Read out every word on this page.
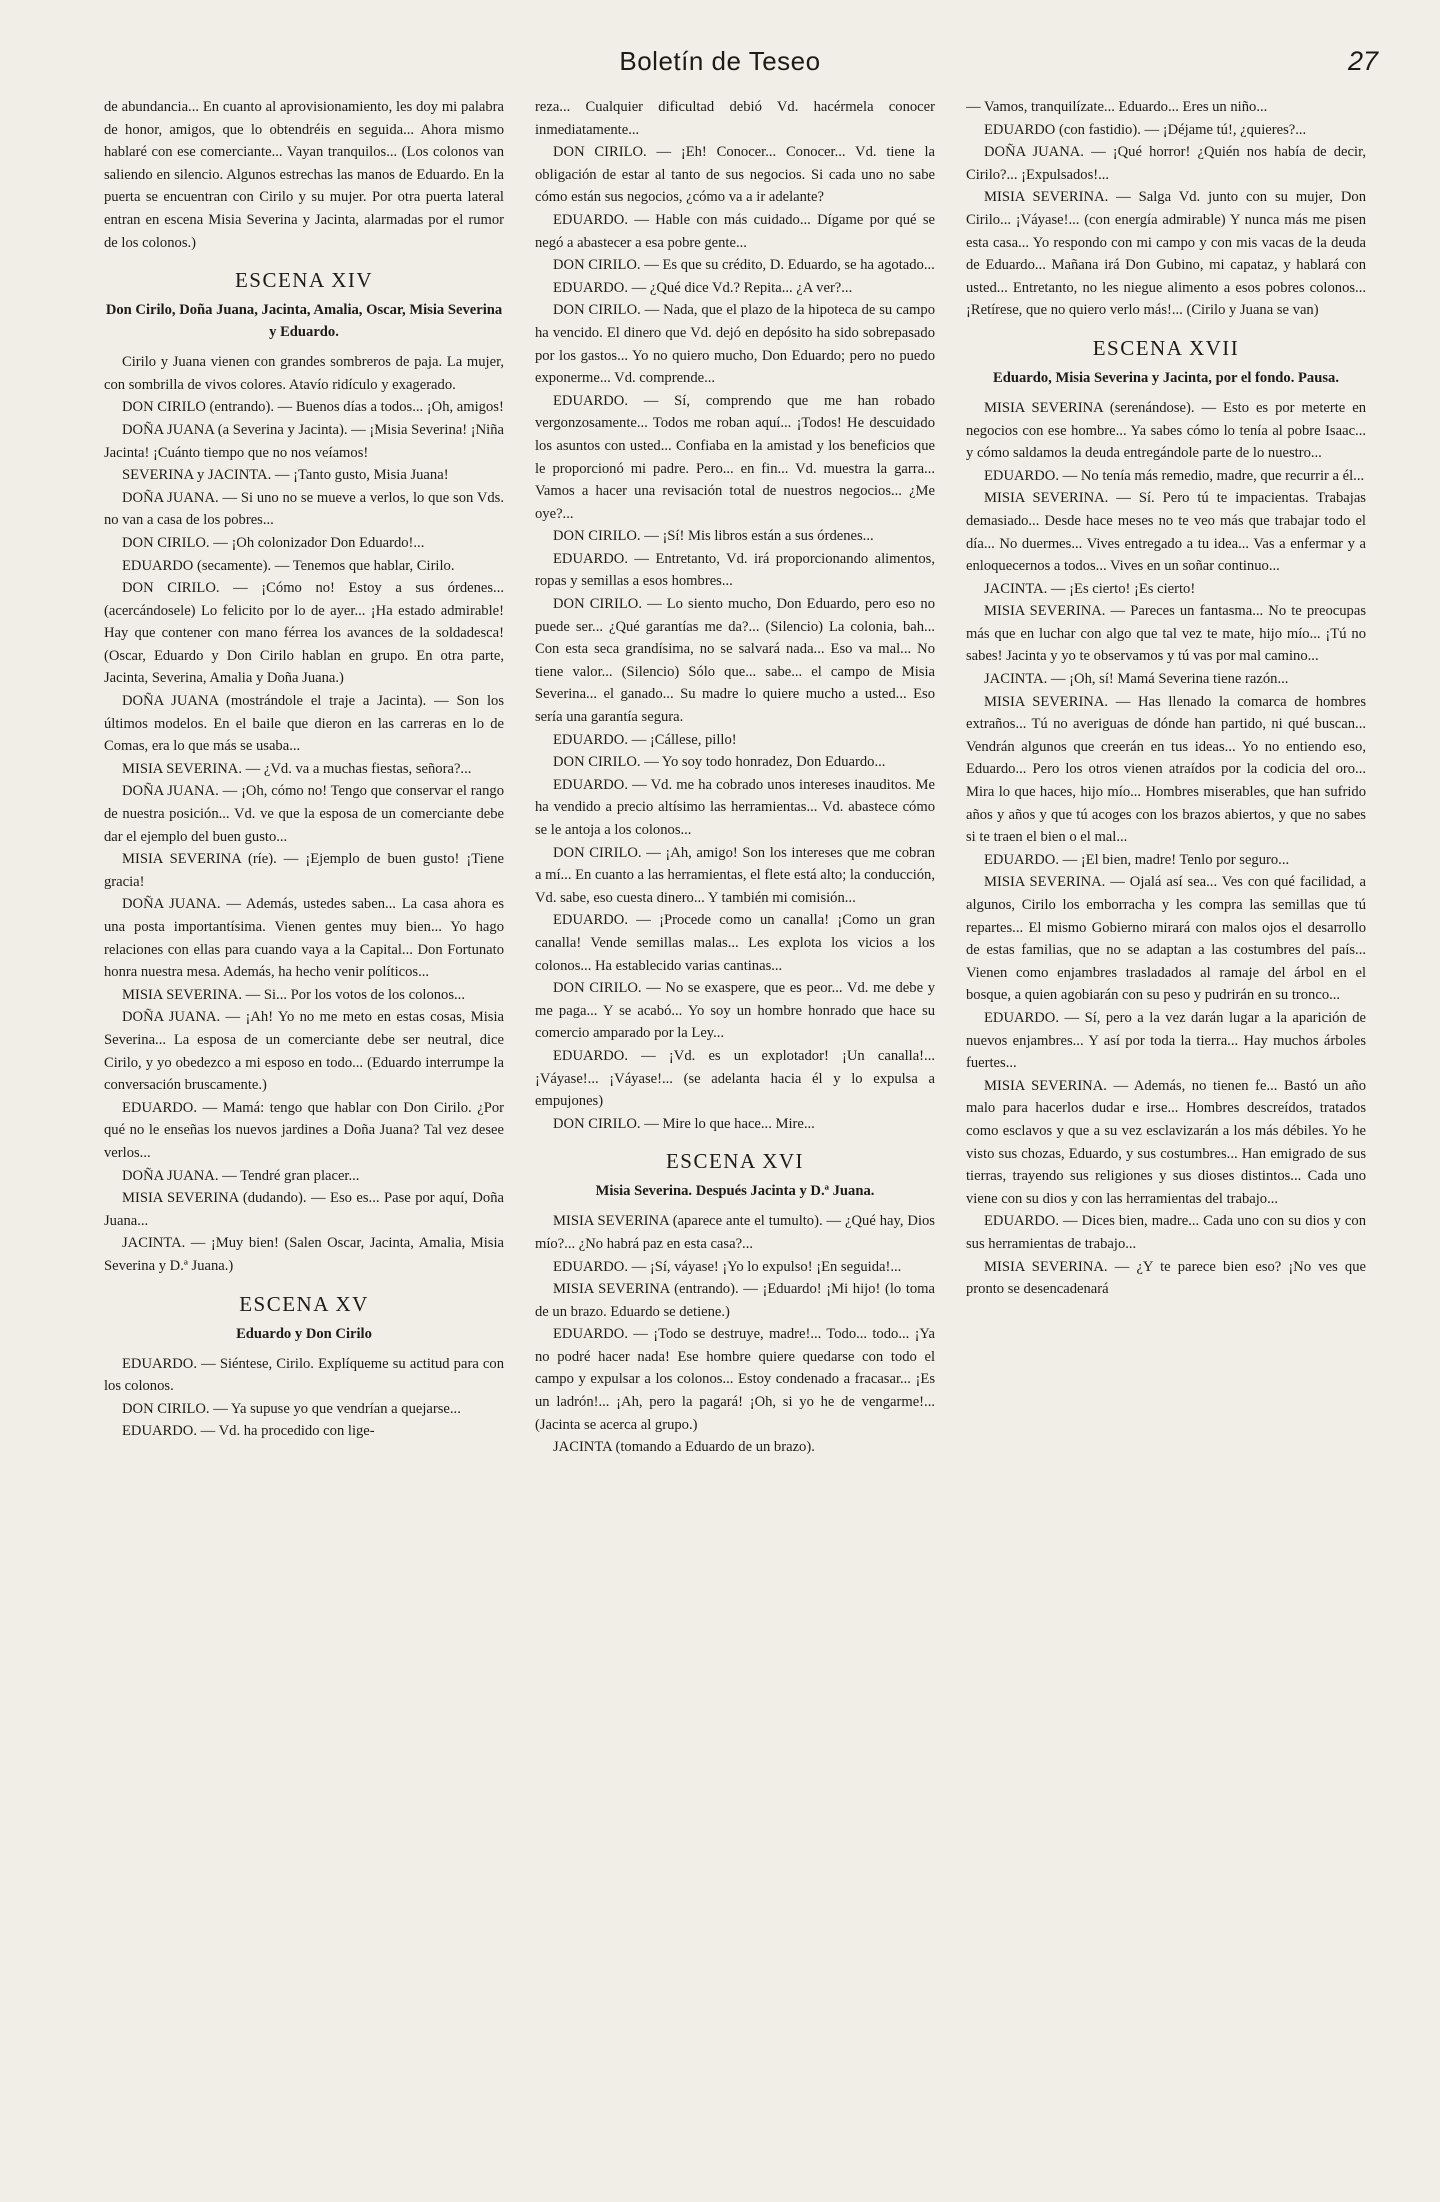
Boletín de Teseo	27

de abundancia... En cuanto al aprovisionamiento, les doy mi palabra de honor, amigos, que lo obtendréis en seguida... Ahora mismo hablaré con ese comerciante... Vayan tranquilos... (Los colonos van saliendo en silencio. Algunos estrechas las manos de Eduardo. En la puerta se encuentran con Cirilo y su mujer. Por otra puerta lateral entran en escena Misia Severina y Jacinta, alarmadas por el rumor de los colonos.)

ESCENA XIV
Don Cirilo, Doña Juana, Jacinta, Amalia, Oscar, Misia Severina y Eduardo.

Cirilo y Juana vienen con grandes sombreros de paja. La mujer, con sombrilla de vivos colores. Atavío ridículo y exagerado.

DON CIRILO (entrando). — Buenos días a todos... ¡Oh, amigos!

DOÑA JUANA (a Severina y Jacinta). — ¡Misia Severina! ¡Niña Jacinta! ¡Cuánto tiempo que no nos veíamos!

SEVERINA y JACINTA. — ¡Tanto gusto, Misia Juana!

DOÑA JUANA. — Si uno no se mueve a verlos, lo que son Vds. no van a casa de los pobres...

DON CIRILO. — ¡Oh colonizador Don Eduardo!...

EDUARDO (secamente). — Tenemos que hablar, Cirilo.

DON CIRILO. — ¡Cómo no! Estoy a sus órdenes... (acercándosele) Lo felicito por lo de ayer... ¡Ha estado admirable! Hay que contener con mano férrea los avances de la soldadesca! (Oscar, Eduardo y Don Cirilo hablan en grupo. En otra parte, Jacinta, Severina, Amalia y Doña Juana.)

DOÑA JUANA (mostrándole el traje a Jacinta). — Son los últimos modelos. En el baile que dieron en las carreras en lo de Comas, era lo que más se usaba...

MISIA SEVERINA. — ¿Vd. va a muchas fiestas, señora?...

DOÑA JUANA. — ¡Oh, cómo no! Tengo que conservar el rango de nuestra posición... Vd. ve que la esposa de un comerciante debe dar el ejemplo del buen gusto...

MISIA SEVERINA (ríe). — ¡Ejemplo de buen gusto! ¡Tiene gracia!

DOÑA JUANA. — Además, ustedes saben... La casa ahora es una posta importantísima. Vienen gentes muy bien... Yo hago relaciones con ellas para cuando vaya a la Capital... Don Fortunato honra nuestra mesa. Además, ha hecho venir políticos...

MISIA SEVERINA. — Si... Por los votos de los colonos...

DOÑA JUANA. — ¡Ah! Yo no me meto en estas cosas, Misia Severina... La esposa de un comerciante debe ser neutral, dice Cirilo, y yo obedezco a mi esposo en todo... (Eduardo interrumpe la conversación bruscamente.)

EDUARDO. — Mamá: tengo que hablar con Don Cirilo. ¿Por qué no le enseñas los nuevos jardines a Doña Juana? Tal vez desee verlos...

DOÑA JUANA. — Tendré gran placer...

MISIA SEVERINA (dudando). — Eso es... Pase por aquí, Doña Juana...

JACINTA. — ¡Muy bien! (Salen Oscar, Jacinta, Amalia, Misia Severina y D.ª Juana.)

ESCENA XV
Eduardo y Don Cirilo

EDUARDO. — Siéntese, Cirilo. Explíqueme su actitud para con los colonos.

DON CIRILO. — Ya supuse yo que vendrían a quejarse...

EDUARDO. — Vd. ha procedido con lige-

reza... Cualquier dificultad debió Vd. hacérmela conocer inmediatamente...

DON CIRILO. — ¡Eh! Conocer... Conocer... Vd. tiene la obligación de estar al tanto de sus negocios. Si cada uno no sabe cómo están sus negocios, ¿cómo va a ir adelante?

EDUARDO. — Hable con más cuidado... Dígame por qué se negó a abastecer a esa pobre gente...

DON CIRILO. — Es que su crédito, D. Eduardo, se ha agotado...

EDUARDO. — ¿Qué dice Vd.? Repita... ¿A ver?...

DON CIRILO. — Nada, que el plazo de la hipoteca de su campo ha vencido. El dinero que Vd. dejó en depósito ha sido sobrepasado por los gastos... Yo no quiero mucho, Don Eduardo; pero no puedo exponerme... Vd. comprende...

EDUARDO. — Sí, comprendo que me han robado vergonzosamente... Todos me roban aquí... ¡Todos! He descuidado los asuntos con usted... Confiaba en la amistad y los beneficios que le proporcionó mi padre. Pero... en fin... Vd. muestra la garra... Vamos a hacer una revisación total de nuestros negocios... ¿Me oye?...

DON CIRILO. — ¡Sí! Mis libros están a sus órdenes...

EDUARDO. — Entretanto, Vd. irá proporcionando alimentos, ropas y semillas a esos hombres...

DON CIRILO. — Lo siento mucho, Don Eduardo, pero eso no puede ser... ¿Qué garantías me da?... (Silencio) La colonia, bah... Con esta seca grandísima, no se salvará nada... Eso va mal... No tiene valor... (Silencio) Sólo que... sabe... el campo de Misia Severina... el ganado... Su madre lo quiere mucho a usted... Eso sería una garantía segura.

EDUARDO. — ¡Cállese, pillo!

DON CIRILO. — Yo soy todo honradez, Don Eduardo...

EDUARDO. — Vd. me ha cobrado unos intereses inauditos. Me ha vendido a precio altísimo las herramientas... Vd. abastece cómo se le antoja a los colonos...

DON CIRILO. — ¡Ah, amigo! Son los intereses que me cobran a mí... En cuanto a las herramientas, el flete está alto; la conducción, Vd. sabe, eso cuesta dinero... Y también mi comisión...

EDUARDO. — ¡Procede como un canalla! ¡Como un gran canalla! Vende semillas malas... Les explota los vicios a los colonos... Ha establecido varias cantinas...

DON CIRILO. — No se exaspere, que es peor... Vd. me debe y me paga... Y se acabó... Yo soy un hombre honrado que hace su comercio amparado por la Ley...

EDUARDO. — ¡Vd. es un explotador! ¡Un canalla!... ¡Váyase!... ¡Váyase!... (se adelanta hacia él y lo expulsa a empujones)

DON CIRILO. — Mire lo que hace... Mire...

ESCENA XVI
Misia Severina. Después Jacinta y D.ª Juana.

MISIA SEVERINA (aparece ante el tumulto). — ¿Qué hay, Dios mío?... ¿No habrá paz en esta casa?...

EDUARDO. — ¡Sí, váyase! ¡Yo lo expulso! ¡En seguida!...

MISIA SEVERINA (entrando). — ¡Eduardo! ¡Mi hijo! (lo toma de un brazo. Eduardo se detiene.)

EDUARDO. — ¡Todo se destruye, madre!... Todo... todo... ¡Ya no podré hacer nada! Ese hombre quiere quedarse con todo el campo y expulsar a los colonos... Estoy condenado a fracasar... ¡Es un ladrón!... ¡Ah, pero la pagará! ¡Oh, si yo he de vengarme!... (Jacinta se acerca al grupo.)

JACINTA (tomando a Eduardo de un brazo).

— Vamos, tranquilízate... Eduardo... Eres un niño...

EDUARDO (con fastidio). — ¡Déjame tú!, ¿quieres?...

DOÑA JUANA. — ¡Qué horror! ¿Quién nos había de decir, Cirilo?... ¡Expulsados!...

MISIA SEVERINA. — Salga Vd. junto con su mujer, Don Cirilo... ¡Váyase!... (con energía admirable) Y nunca más me pisen esta casa... Yo respondo con mi campo y con mis vacas de la deuda de Eduardo... Mañana irá Don Gubino, mi capataz, y hablará con usted... Entretanto, no les niegue alimento a esos pobres colonos... ¡Retírese, que no quiero verlo más!... (Cirilo y Juana se van)

ESCENA XVII
Eduardo, Misia Severina y Jacinta, por el fondo. Pausa.

MISIA SEVERINA (serenándose). — Esto es por meterte en negocios con ese hombre... Ya sabes cómo lo tenía al pobre Isaac... y cómo saldamos la deuda entregándole parte de lo nuestro...

EDUARDO. — No tenía más remedio, madre, que recurrir a él...

MISIA SEVERINA. — Sí. Pero tú te impacientas. Trabajas demasiado... Desde hace meses no te veo más que trabajar todo el día... No duermes... Vives entregado a tu idea... Vas a enfermar y a enloquecernos a todos... Vives en un soñar continuo...

JACINTA. — ¡Es cierto! ¡Es cierto!

MISIA SEVERINA. — Pareces un fantasma... No te preocupas más que en luchar con algo que tal vez te mate, hijo mío... ¡Tú no sabes! Jacinta y yo te observamos y tú vas por mal camino...

JACINTA. — ¡Oh, sí! Mamá Severina tiene razón...

MISIA SEVERINA. — Has llenado la comarca de hombres extraños... Tú no averiguas de dónde han partido, ni qué buscan... Vendrán algunos que creerán en tus ideas... Yo no entiendo eso, Eduardo... Pero los otros vienen atraídos por la codicia del oro... Mira lo que haces, hijo mío... Hombres miserables, que han sufrido años y años y que tú acoges con los brazos abiertos, y que no sabes si te traen el bien o el mal...

EDUARDO. — ¡El bien, madre! Tenlo por seguro...

MISIA SEVERINA. — Ojalá así sea... Ves con qué facilidad, a algunos, Cirilo los emborracha y les compra las semillas que tú repartes... El mismo Gobierno mirará con malos ojos el desarrollo de estas familias, que no se adaptan a las costumbres del país... Vienen como enjambres trasladados al ramaje del árbol en el bosque, a quien agobiarán con su peso y pudrirán en su tronco...

EDUARDO. — Sí, pero a la vez darán lugar a la aparición de nuevos enjambres... Y así por toda la tierra... Hay muchos árboles fuertes...

MISIA SEVERINA. — Además, no tienen fe... Bastó un año malo para hacerlos dudar e irse... Hombres descreídos, tratados como esclavos y que a su vez esclavizarán a los más débiles. Yo he visto sus chozas, Eduardo, y sus costumbres... Han emigrado de sus tierras, trayendo sus religiones y sus dioses distintos... Cada uno viene con su dios y con las herramientas del trabajo...

EDUARDO. — Dices bien, madre... Cada uno con su dios y con sus herramientas de trabajo...

MISIA SEVERINA. — ¿Y te parece bien eso? ¡No ves que pronto se desencadenará
